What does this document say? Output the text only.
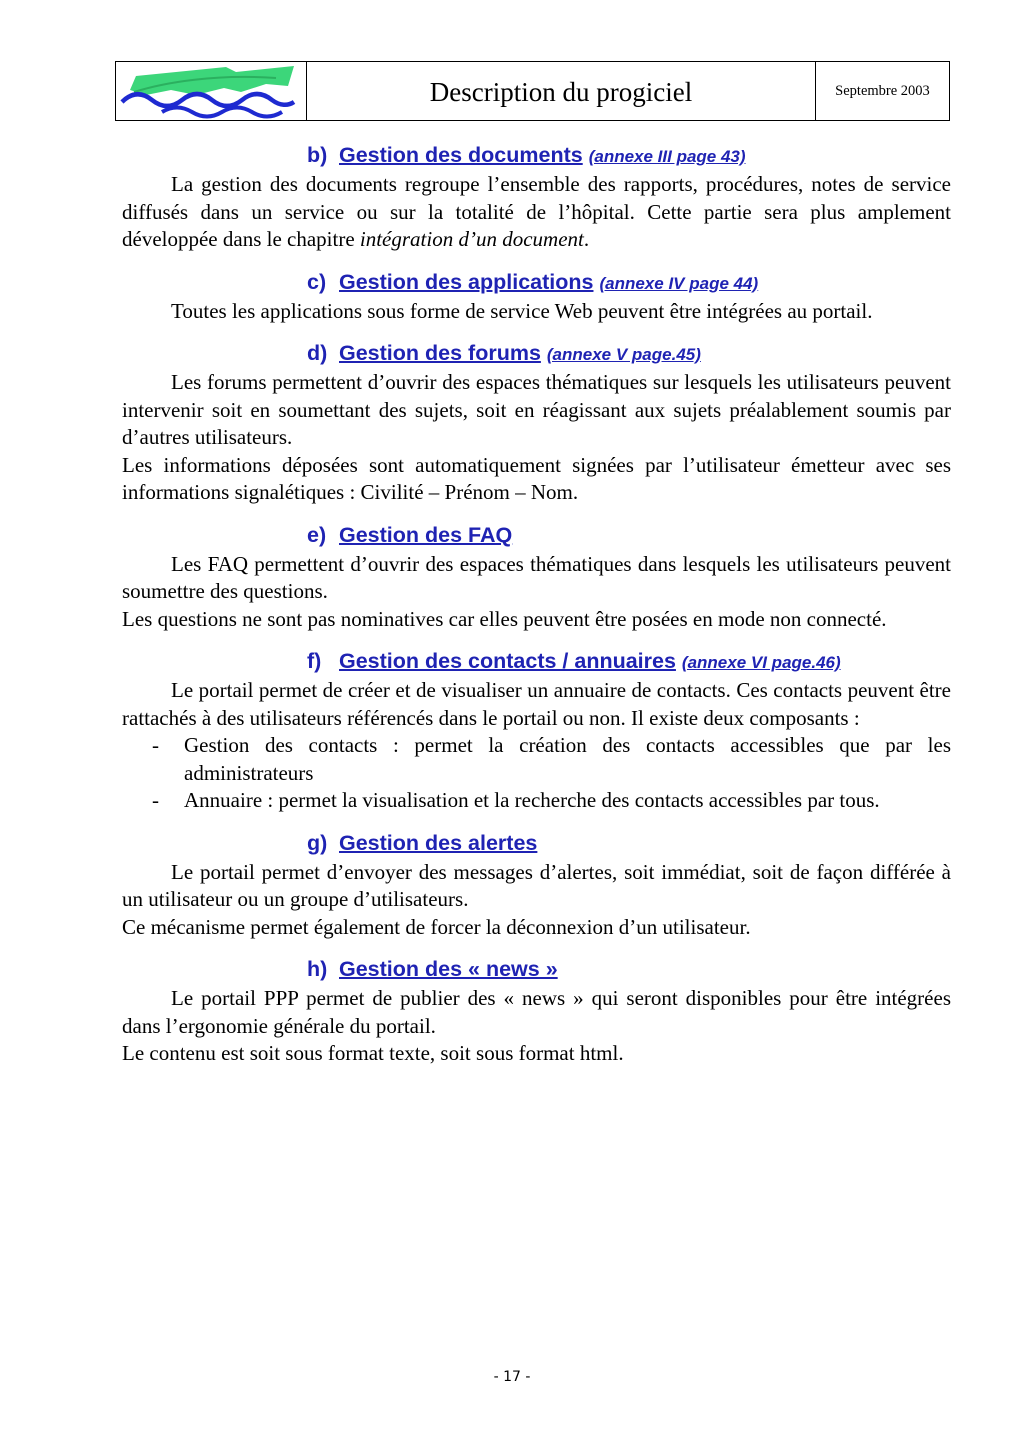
Description du progiciel	Septembre 2003
b) Gestion des documents (annexe III page 43)

La gestion des documents regroupe l’ensemble des rapports, procédures, notes de service diffusés dans un service ou sur la totalité de l’hôpital. Cette partie sera plus amplement développée dans le chapitre intégration d’un document.

c) Gestion des applications (annexe IV page 44)

Toutes les applications sous forme de service Web peuvent être intégrées au portail.

d) Gestion des forums (annexe V page.45)

Les forums permettent d’ouvrir des espaces thématiques sur lesquels les utilisateurs peuvent intervenir soit en soumettant des sujets, soit en réagissant aux sujets préalablement soumis par d’autres utilisateurs.

Les informations déposées sont automatiquement signées par l’utilisateur émetteur avec ses informations signalétiques : Civilité – Prénom – Nom.

e) Gestion des FAQ

Les FAQ permettent d’ouvrir des espaces thématiques dans lesquels les utilisateurs peuvent soumettre des questions.

Les questions ne sont pas nominatives car elles peuvent être posées en mode non connecté.

f) Gestion des contacts / annuaires (annexe VI page.46)

Le portail permet de créer et de visualiser un annuaire de contacts. Ces contacts peuvent être rattachés à des utilisateurs référencés dans le portail ou non. Il existe deux composants :

- Gestion des contacts : permet la création des contacts accessibles que par les administrateurs
- Annuaire : permet la visualisation et la recherche des contacts accessibles par tous.
g) Gestion des alertes

Le portail permet d’envoyer des messages d’alertes, soit immédiat, soit de façon différée à un utilisateur ou un groupe d’utilisateurs.

Ce mécanisme permet également de forcer la déconnexion d’un utilisateur.

h) Gestion des « news »

Le portail PPP permet de publier des « news » qui seront disponibles pour être intégrées dans l’ergonomie générale du portail.

Le contenu est soit sous format texte, soit sous format html.

- 17 -
